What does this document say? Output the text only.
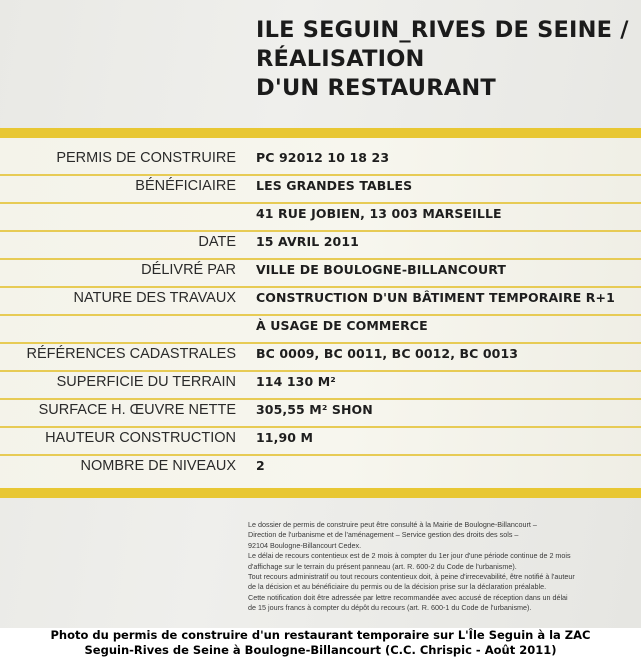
ILE SEGUIN_RIVES DE SEINE /
RÉALISATION
D'UN RESTAURANT
PERMIS DE CONSTRUIRE PC 92012 10 18 23
BÉNÉFICIAIRE LES GRANDES TABLES
41 RUE JOBIEN, 13 003 MARSEILLE
DATE 15 AVRIL 2011
DÉLIVRÉ PAR VILLE DE BOULOGNE-BILLANCOURT
NATURE DES TRAVAUX CONSTRUCTION D'UN BÂTIMENT TEMPORAIRE R+1
À USAGE DE COMMERCE
RÉFÉRENCES CADASTRALES BC 0009, BC 0011, BC 0012, BC 0013
SUPERFICIE DU TERRAIN 114 130 M²
SURFACE H. ŒUVRE NETTE 305,55 M² SHON
HAUTEUR CONSTRUCTION 11,90 M
NOMBRE DE NIVEAUX 2
Le dossier de permis de construire peut être consulté à la Mairie de Boulogne-Billancourt –
Direction de l'urbanisme et de l'aménagement – Service gestion des droits des sols –
92104 Boulogne-Billancourt Cedex.
Le délai de recours contentieux est de 2 mois à compter du 1er jour d'une période continue de 2 mois
d'affichage sur le terrain du présent panneau (art. R. 600-2 du Code de l'urbanisme).
Tout recours administratif ou tout recours contentieux doit, à peine d'irrecevabilité, être notifié à l'auteur
de la décision et au bénéficiaire du permis ou de la décision prise sur la déclaration préalable.
Cette notification doit être adressée par lettre recommandée avec accusé de réception dans un délai
de 15 jours francs à compter du dépôt du recours (art. R. 600-1 du Code de l'urbanisme).
Photo du permis de construire d'un restaurant temporaire sur L'Île Seguin à la ZAC
Seguin-Rives de Seine à Boulogne-Billancourt (C.C. Chrispic - Août 2011)
